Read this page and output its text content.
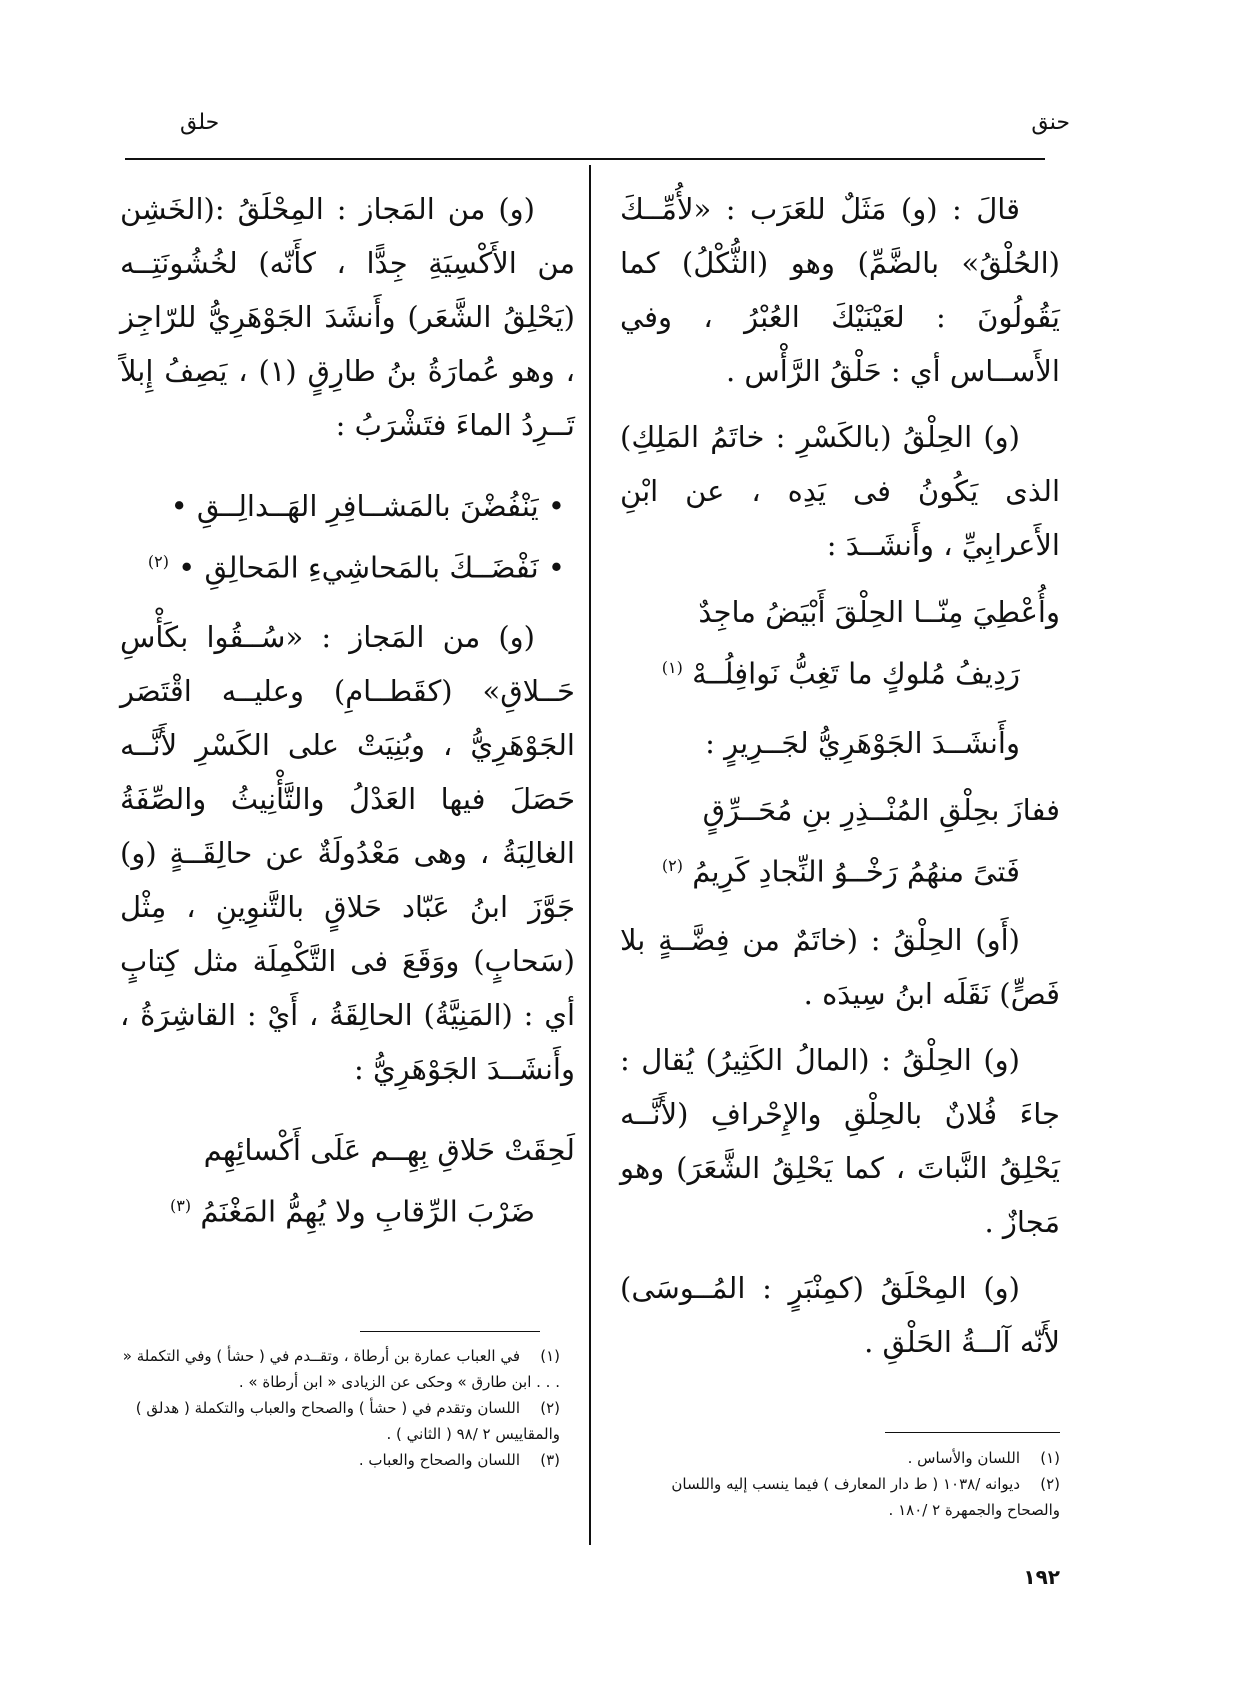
حنق
حلق

قالَ : (و) مَثَلٌ للعَرَب : «لأُمِّــكَ (الحُلْقُ» بالضَّمِّ) وهو (الثُّكْلُ) كما يَقُولُونَ : لعَيْنَيْكَ العُبْرُ ، وفي الأَســاس أي : حَلْقُ الرَّأْس .

(و) الحِلْقُ (بالكَسْرِ : خاتَمُ المَلِكِ) الذى يَكُونُ فى يَدِه ، عن ابْنِ الأَعرابِيِّ ، وأَنشَــدَ :

وأُعْطِيَ مِنّــا الحِلْقَ أَبْيَضُ ماجِدٌ

رَدِيفُ مُلوكٍ ما تَغِبُّ نَوافِلُــهْ $^{(١)}$

وأَنشَــدَ الجَوْهَرِيُّ لجَــرِيرٍ :

ففازَ بحِلْقِ المُنْــذِرِ بنِ مُحَــرِّقٍ

فَتىً منهُمُ رَخْــوُ النِّجادِ كَرِيمُ $^{(٢)}$

(أَو) الحِلْقُ : (خاتَمٌ من فِضَّــةٍ بلا فَصٍّ) نَقَلَه ابنُ سِيدَه .

(و) الحِلْقُ : (المالُ الكَثِيرُ) يُقال : جاءَ فُلانٌ بالحِلْقِ والإِحْرافِ (لأَنَّــه يَحْلِقُ النَّباتَ ، كما يَحْلِقُ الشَّعَرَ) وهو مَجازٌ .

(و) المِحْلَقُ (كمِنْبَرٍ : المُــوسَى) لأَنّه آلــةُ الحَلْقِ .

(و) من المَجاز : المِحْلَقُ :(الخَشِن من الأَكْسِيَةِ جِدًّا ، كأَنّه) لخُشُونَتِــه (يَحْلِقُ الشَّعَر) وأَنشَدَ الجَوْهَرِيُّ للرّاجِز ، وهو عُمارَةُ بنُ طارِقٍ (١) ، يَصِفُ إِبلاً تَــرِدُ الماءَ فتَشْرَبُ :

• يَنْفُضْنَ بالمَشــافِرِ الهَــدالِــقِ •

• نَفْضَــكَ بالمَحاشِيءِ المَحالِقِ • $^{(٢)}$

(و) من المَجاز : «سُــقُوا بكَأْسِ حَــلاقِ» (كقَطــامِ) وعليــه اقْتَصَر الجَوْهَرِيُّ ، وبُنِيَتْ على الكَسْرِ لأَنَّــه حَصَلَ فيها العَدْلُ والتَّأْنِيثُ والصِّفَةُ الغالِبَةُ ، وهى مَعْدُولَةٌ عن حالِقَــةٍ (و) جَوَّزَ ابنُ عَبّاد حَلاقٍ بالتَّنوِينِ ، مِثْل (سَحابٍ) ووَقَعَ فى التَّكْمِلَة مثل كِتابٍ أي : (المَنِيَّةُ) الحالِقَةُ ، أَيْ : القاشِرَةُ ، وأَنشَــدَ الجَوْهَرِيُّ :

لَحِقَتْ حَلاقِ بِهِــم عَلَى أَكْسائِهِم

ضَرْبَ الرِّقابِ ولا يُهِمُّ المَغْنَمُ $^{(٣)}$

(١)اللسان والأساس .

(٢)ديوانه /١٠٣٨ ( ط دار المعارف ) فيما ينسب إليه واللسان والصحاح والجمهرة ٢ /١٨٠ .

(١)في العباب عمارة بن أرطاة ، وتقــدم في ( حشأ ) وفي التكملة « . . . ابن طارق » وحكى عن الزيادى « ابن أرطاة » .

(٢)اللسان وتقدم في ( حشأ ) والصحاح والعباب والتكملة ( هدلق ) والمقاييس ٢ /٩٨ ( الثاني ) .

(٣)اللسان والصحاح والعباب .

١٩٢
